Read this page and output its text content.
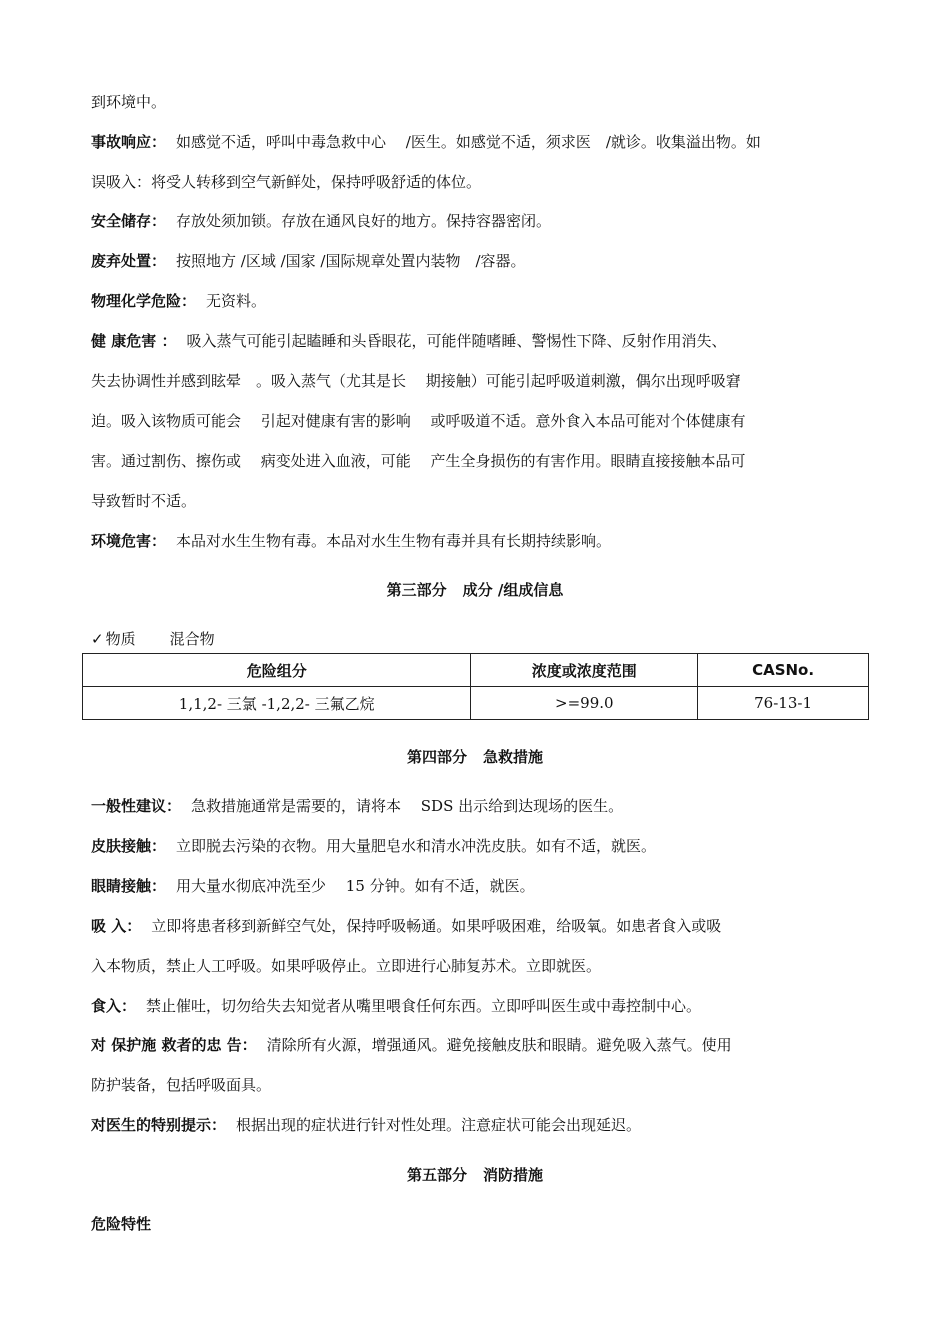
到环境中。
事故响应： 如感觉不适，呼叫中毒急救中心　 /医生。如感觉不适，须求医　/就诊。收集溢出物。如
误吸入：将受人转移到空气新鲜处，保持呼吸舒适的体位。
安全储存： 存放处须加锁。存放在通风良好的地方。保持容器密闭。
废弃处置： 按照地方 /区域 /国家 /国际规章处置内装物　/容器。
物理化学危险： 无资料。
健 康危害 ： 吸入蒸气可能引起瞌睡和头昏眼花，可能伴随嗜睡、警惕性下降、反射作用消失、
失去协调性并感到眩晕　。吸入蒸气（尤其是长　 期接触）可能引起呼吸道刺激，偶尔出现呼吸窘
迫。吸入该物质可能会　 引起对健康有害的影响　 或呼吸道不适。意外食入本品可能对个体健康有
害。通过割伤、擦伤或　 病变处进入血液，可能　 产生全身损伤的有害作用。眼睛直接接触本品可
导致暂时不适。
环境危害： 本品对水生生物有毒。本品对水生生物有毒并具有长期持续影响。
第三部分 成分 /组成信息
✓ 物质 混合物
危险组分	浓度或浓度范围	CASNo.
1,1,2- 三氯 -1,2,2- 三氟乙烷	>=99.0	76-13-1
第四部分 急救措施
一般性建议： 急救措施通常是需要的，请将本　 SDS 出示给到达现场的医生。
皮肤接触： 立即脱去污染的衣物。用大量肥皂水和清水冲洗皮肤。如有不适，就医。
眼睛接触： 用大量水彻底冲洗至少　 15 分钟。如有不适，就医。
吸 入： 立即将患者移到新鲜空气处，保持呼吸畅通。如果呼吸困难，给吸氧。如患者食入或吸
入本物质，禁止人工呼吸。如果呼吸停止。立即进行心肺复苏术。立即就医。
食入： 禁止催吐，切勿给失去知觉者从嘴里喂食任何东西。立即呼叫医生或中毒控制中心。
对 保护施 救者的忠 告： 清除所有火源，增强通风。避免接触皮肤和眼睛。避免吸入蒸气。使用
防护装备，包括呼吸面具。
对医生的特别提示： 根据出现的症状进行针对性处理。注意症状可能会出现延迟。
第五部分 消防措施
危险特性
